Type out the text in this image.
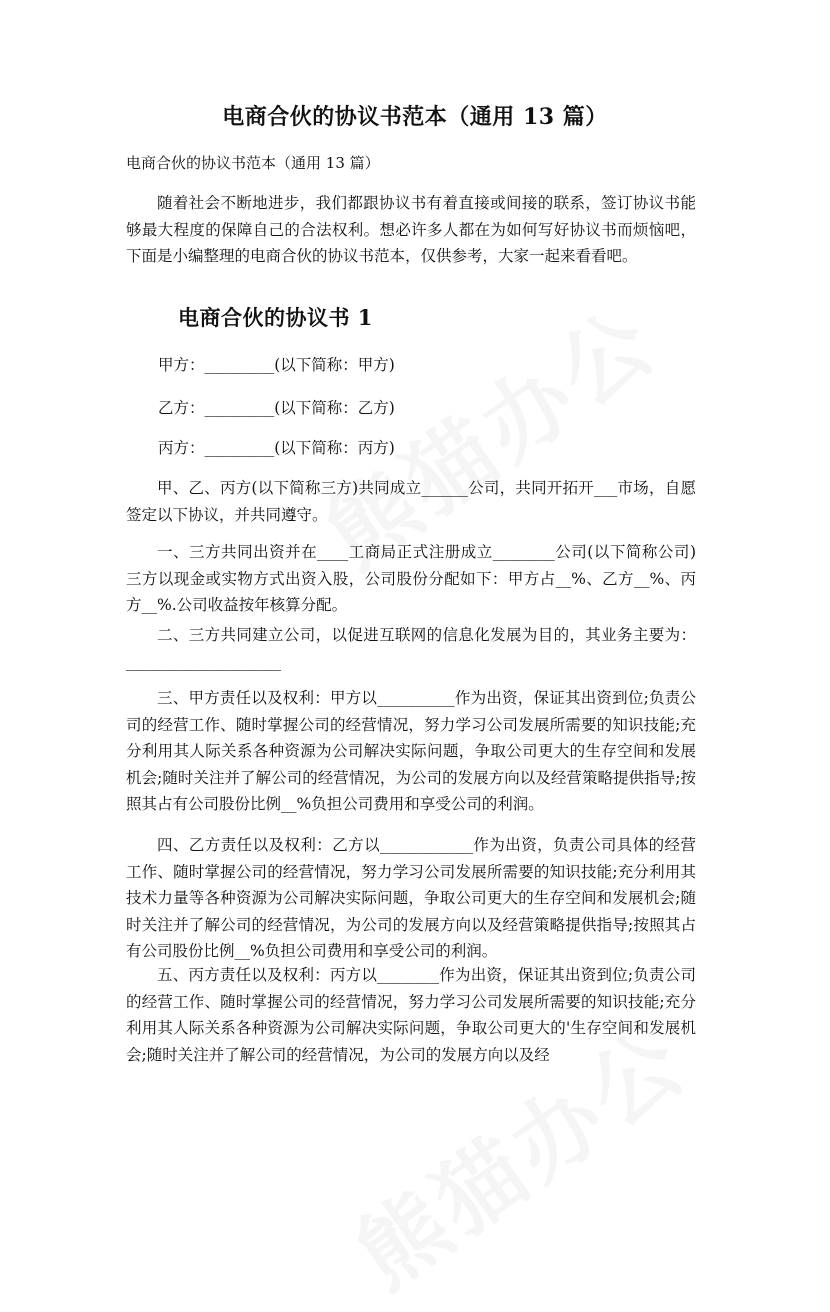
电商合伙的协议书范本（通用 13 篇）
电商合伙的协议书范本（通用 13 篇）

随着社会不断地进步，我们都跟协议书有着直接或间接的联系，签订协议书能够最大程度的保障自己的合法权利。想必许多人都在为如何写好协议书而烦恼吧，下面是小编整理的电商合伙的协议书范本，仅供参考，大家一起来看看吧。

电商合伙的协议书 1
甲方：_________(以下简称：甲方)
乙方：_________(以下简称：乙方)
丙方：_________(以下简称：丙方)

甲、乙、丙方(以下简称三方)共同成立______公司，共同开拓开___市场，自愿签定以下协议，并共同遵守。

一、三方共同出资并在____工商局正式注册成立________公司(以下简称公司)三方以现金或实物方式出资入股，公司股份分配如下：甲方占__%、乙方__%、丙方__%.公司收益按年核算分配。

二、三方共同建立公司，以促进互联网的信息化发展为目的，其业务主要为：____________________

三、甲方责任以及权利：甲方以__________作为出资，保证其出资到位;负责公司的经营工作、随时掌握公司的经营情况，努力学习公司发展所需要的知识技能;充分利用其人际关系各种资源为公司解决实际问题，争取公司更大的生存空间和发展机会;随时关注并了解公司的经营情况，为公司的发展方向以及经营策略提供指导;按照其占有公司股份比例__%负担公司费用和享受公司的利润。

四、乙方责任以及权利：乙方以____________作为出资，负责公司具体的经营工作、随时掌握公司的经营情况，努力学习公司发展所需要的知识技能;充分利用其技术力量等各种资源为公司解决实际问题，争取公司更大的生存空间和发展机会;随时关注并了解公司的经营情况，为公司的发展方向以及经营策略提供指导;按照其占有公司股份比例__%负担公司费用和享受公司的利润。

五、丙方责任以及权利：丙方以________作为出资，保证其出资到位;负责公司的经营工作、随时掌握公司的经营情况，努力学习公司发展所需要的知识技能;充分利用其人际关系各种资源为公司解决实际问题，争取公司更大的'生存空间和发展机会;随时关注并了解公司的经营情况，为公司的发展方向以及经
